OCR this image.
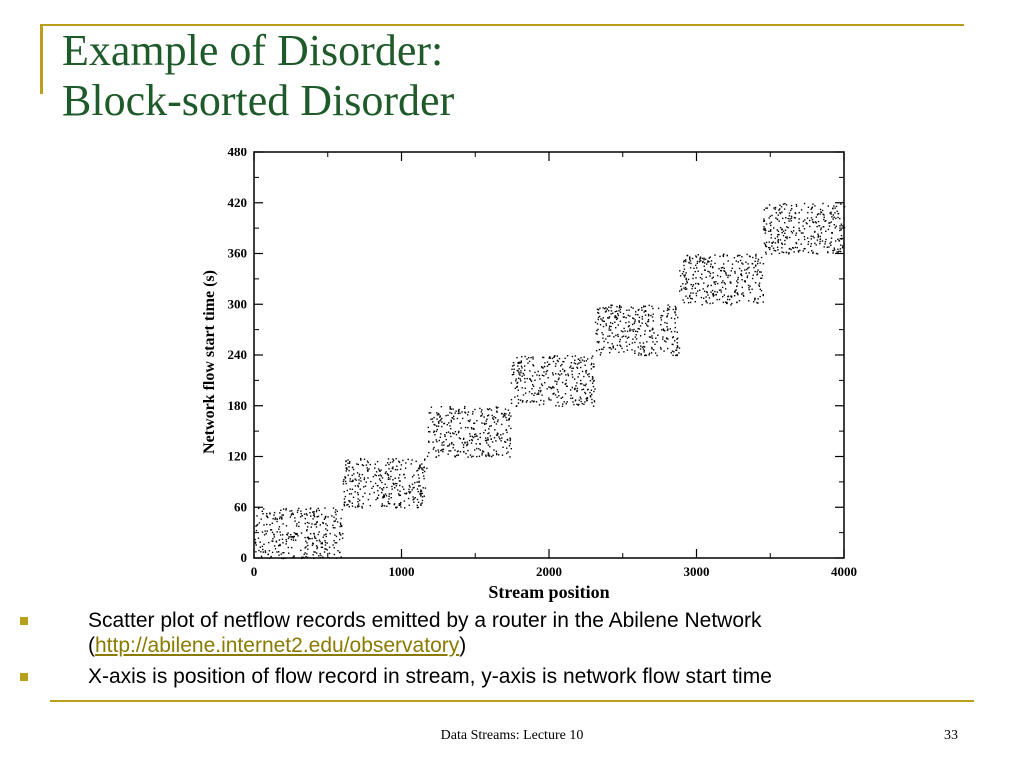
Example of Disorder:
Block-sorted Disorder
0	1000	2000	3000	4000
0
60
120
180
240
300
360
420
480
Stream position
Network flow start time (s)
Scatter plot of netflow records emitted by a router in the Abilene Network (http://abilene.internet2.edu/observatory)
X-axis is position of flow record in stream, y-axis is network flow start time
Data Streams: Lecture 10	33
